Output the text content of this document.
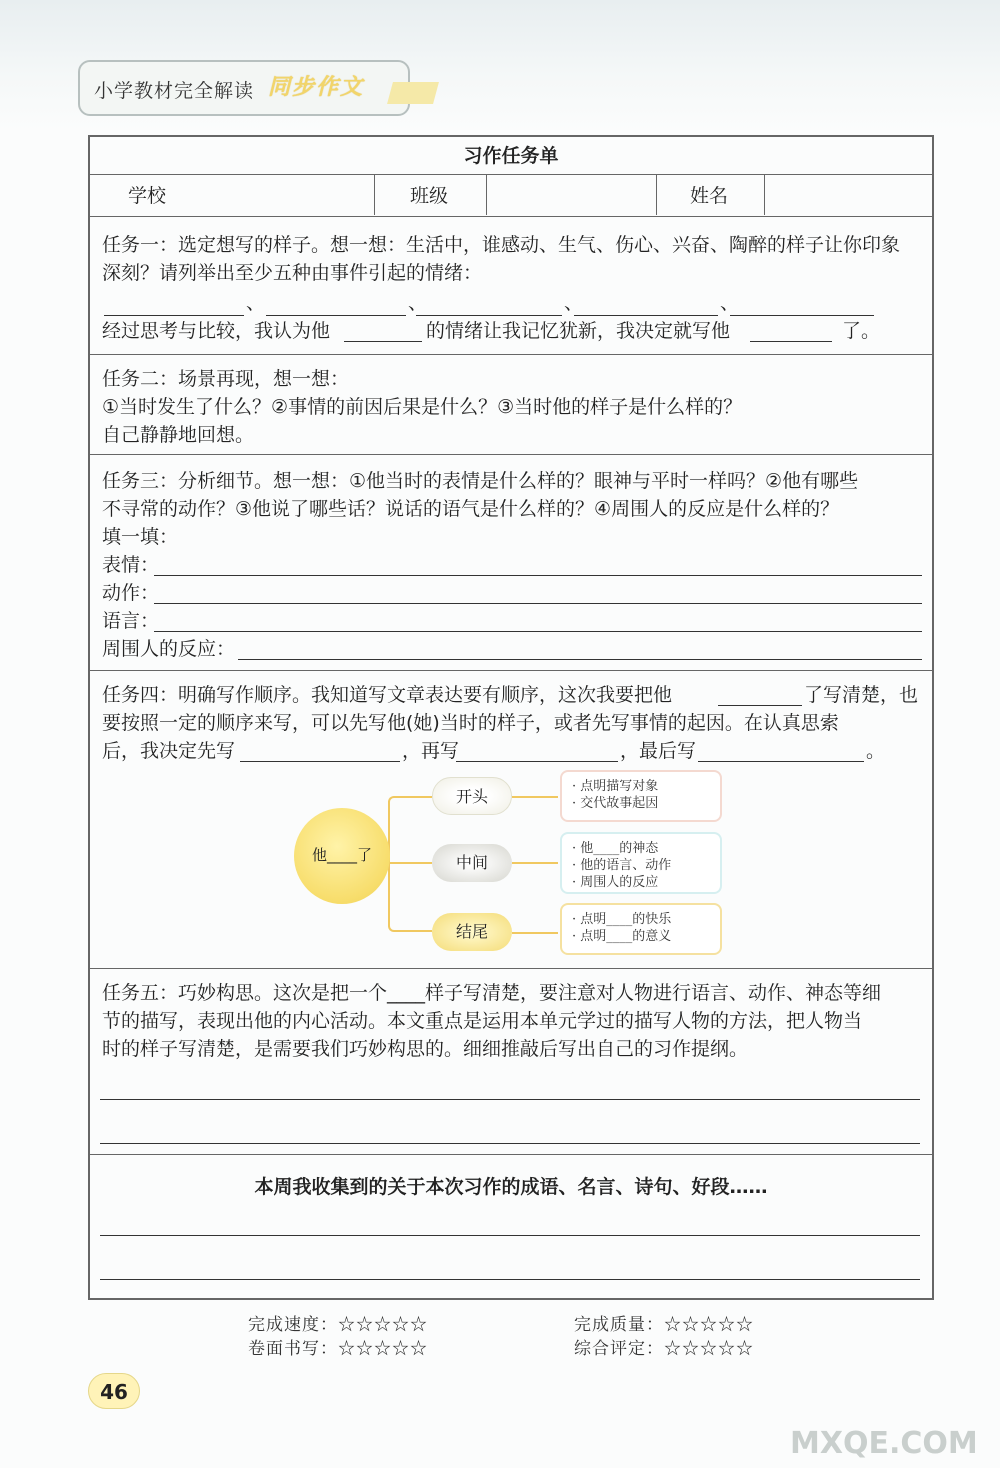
小学教材完全解读 同步作文
习作任务单
学校	班级	姓名
任务一：选定想写的样子。想一想：生活中，谁感动、生气、伤心、兴奋、陶醉的样子让你印象
深刻？请列举出至少五种由事件引起的情绪：
、	、	、	、
经过思考与比较，我认为他	的情绪让我记忆犹新，我决定就写他	了。
任务二：场景再现，想一想：
①当时发生了什么？②事情的前因后果是什么？③当时他的样子是什么样的？
自己静静地回想。
任务三：分析细节。想一想：①他当时的表情是什么样的？眼神与平时一样吗？②他有哪些
不寻常的动作？③他说了哪些话？说话的语气是什么样的？④周围人的反应是什么样的？
填一填：
表情：
动作：
语言：
周围人的反应：
任务四：明确写作顺序。我知道写文章表达要有顺序，这次我要把他	了写清楚，也
要按照一定的顺序来写，可以先写他(她)当时的样子，或者先写事情的起因。在认真思索
后，我决定先写	，再写	，最后写	。
任务五：巧妙构思。这次是把一个____样子写清楚，要注意对人物进行语言、动作、神态等细
节的描写，表现出他的内心活动。本文重点是运用本单元学过的描写人物的方法，把人物当
时的样子写清楚，是需要我们巧妙构思的。细细推敲后写出自己的习作提纲。
本周我收集到的关于本次习作的成语、名言、诗句、好段……
他____了
开头
中间
结尾
· 点明描写对象
· 交代故事起因
· 他____的神态
· 他的语言、动作
· 周围人的反应
· 点明____的快乐
· 点明____的意义
完成速度：☆☆☆☆☆	完成质量：☆☆☆☆☆
卷面书写：☆☆☆☆☆	综合评定：☆☆☆☆☆
46
MXQE.COM
